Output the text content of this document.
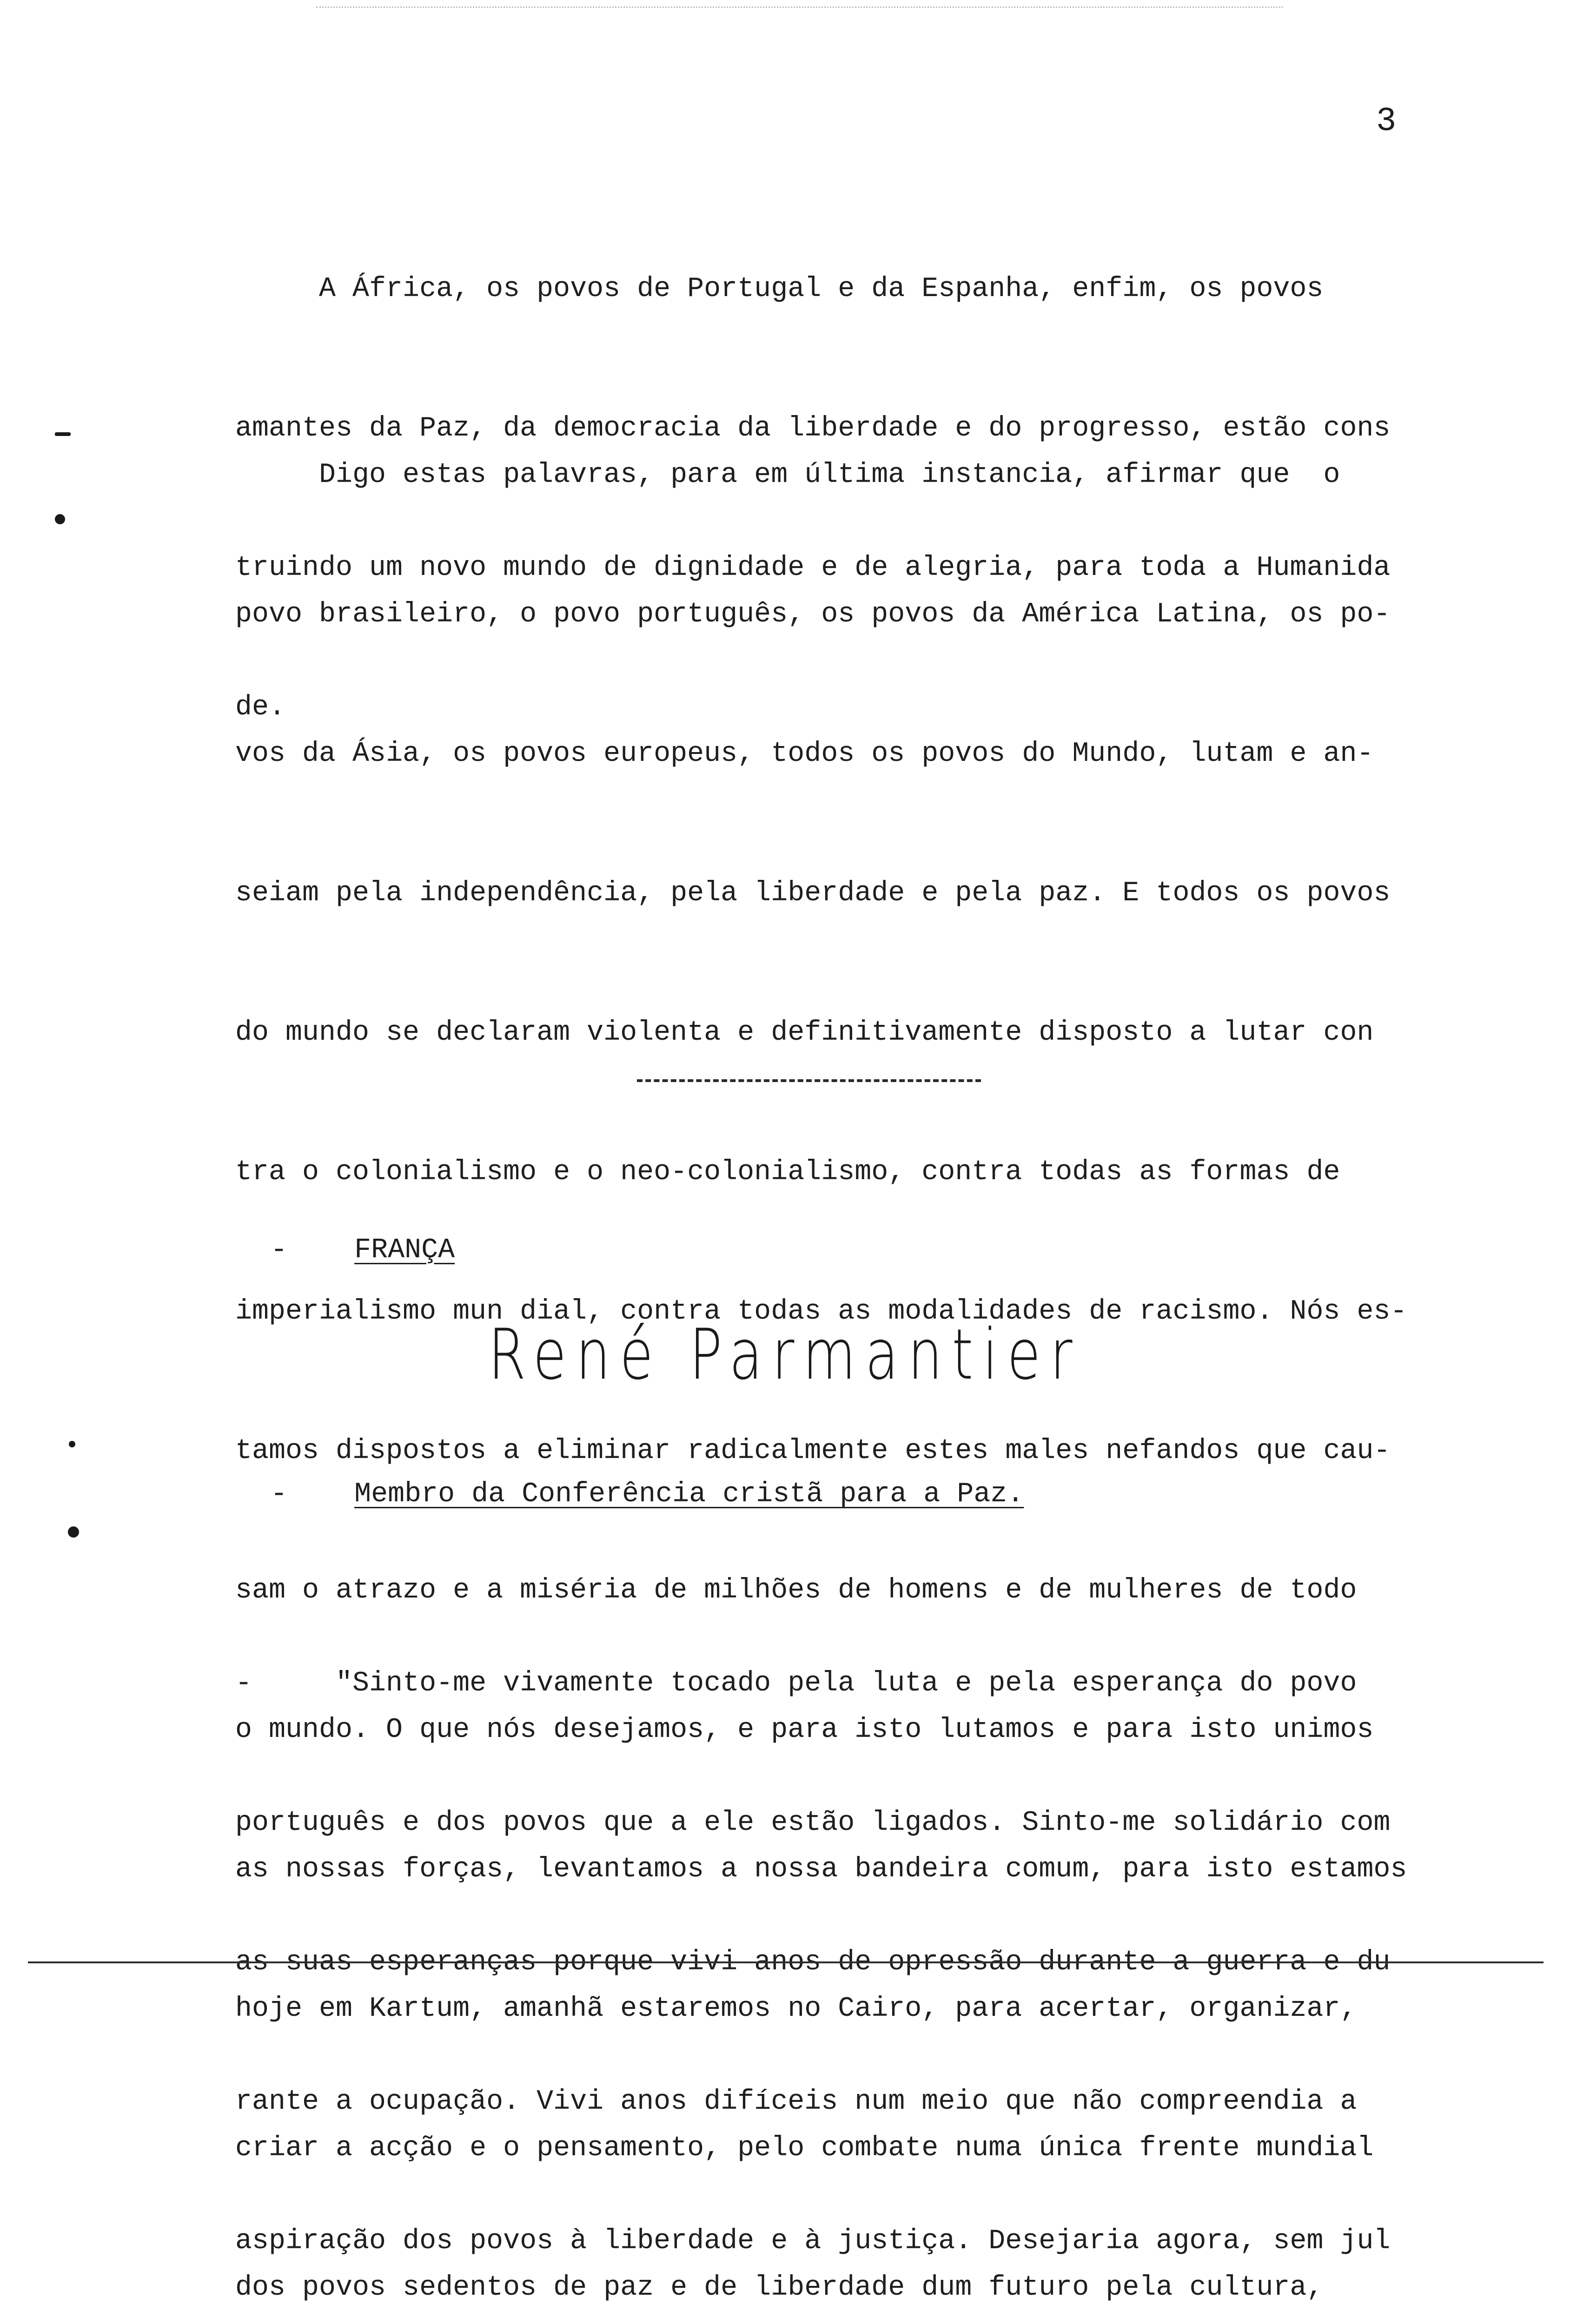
3

A África, os povos de Portugal e da Espanha, enfim, os povos

amantes da Paz, da democracia da liberdade e do progresso, estão cons

truindo um novo mundo de dignidade e de alegria, para toda a Humanida

de.

Digo estas palavras, para em última instancia, afirmar que  o

povo brasileiro, o povo português, os povos da América Latina, os po-

vos da Ásia, os povos europeus, todos os povos do Mundo, lutam e an-

seiam pela independência, pela liberdade e pela paz. E todos os povos

do mundo se declaram violenta e definitivamente disposto a lutar con

tra o colonialismo e o neo-colonialismo, contra todas as formas de

imperialismo mun dial, contra todas as modalidades de racismo. Nós es-

tamos dispostos a eliminar radicalmente estes males nefandos que cau-

sam o atrazo e a miséria de milhões de homens e de mulheres de todo

o mundo. O que nós desejamos, e para isto lutamos e para isto unimos

as nossas forças, levantamos a nossa bandeira comum, para isto estamos

hoje em Kartum, amanhã estaremos no Cairo, para acertar, organizar,

criar a acção e o pensamento, pelo combate numa única frente mundial

dos povos sedentos de paz e de liberdade dum futuro pela cultura,

- FRANÇA

René Parmantier

- Membro da Conferência cristã para a Paz.

-     "Sinto-me vivamente tocado pela luta e pela esperança do povo

português e dos povos que a ele estão ligados. Sinto-me solidário com

as suas esperanças porque vivi anos de opressão durante a guerra e du

rante a ocupação. Vivi anos difíceis num meio que não compreendia a

aspiração dos povos à liberdade e à justiça. Desejaria agora, sem jul
